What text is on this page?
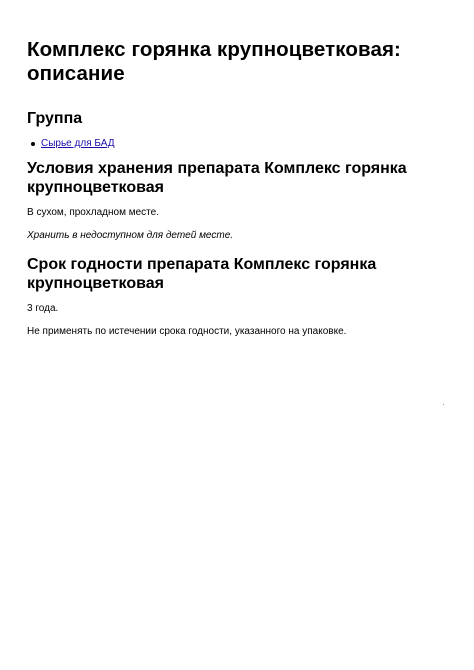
Комплекс горянка крупноцветковая: описание
Группа
Сырье для БАД
Условия хранения препарата Комплекс горянка крупноцветковая

В сухом, прохладном месте.

Хранить в недоступном для детей месте.

Срок годности препарата Комплекс горянка крупноцветковая

3 года.

Не применять по истечении срока годности, указанного на упаковке.
